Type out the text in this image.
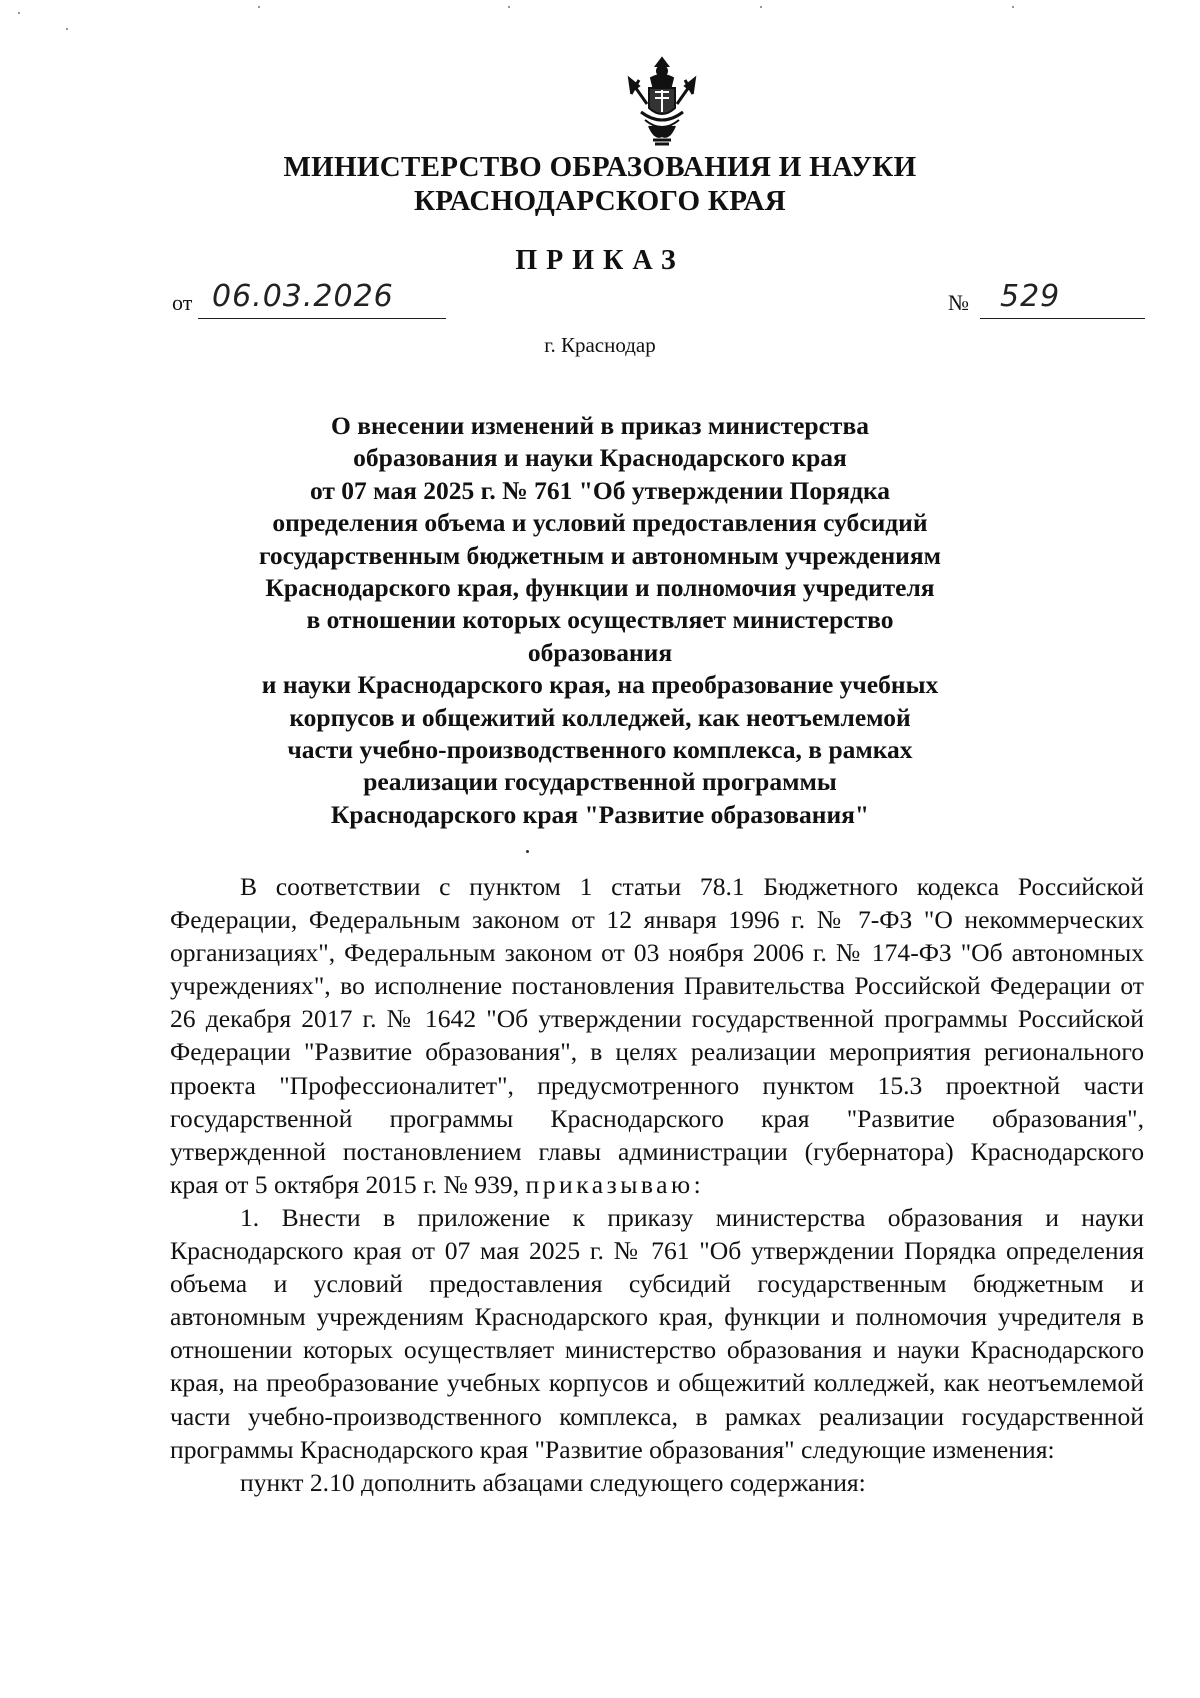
МИНИСТЕРСТВО ОБРАЗОВАНИЯ И НАУКИ
КРАСНОДАРСКОГО КРАЯ
ПРИКАЗ
от 06.03.2026	№ 529
г. Краснодар
О внесении изменений в приказ министерства
образования и науки Краснодарского края
от 07 мая 2025 г. № 761 "Об утверждении Порядка
определения объема и условий предоставления субсидий
государственным бюджетным и автономным учреждениям
Краснодарского края, функции и полномочия учредителя
в отношении которых осуществляет министерство образования
и науки Краснодарского края, на преобразование учебных
корпусов и общежитий колледжей, как неотъемлемой
части учебно-производственного комплекса, в рамках
реализации государственной программы
Краснодарского края "Развитие образования"

В соответствии с пунктом 1 статьи 78.1 Бюджетного кодекса Российской Федерации, Федеральным законом от 12 января 1996 г. № 7-ФЗ "О некоммерческих организациях", Федеральным законом от 03 ноября 2006 г. № 174-ФЗ "Об автономных учреждениях", во исполнение постановления Правительства Российской Федерации от 26 декабря 2017 г. № 1642 "Об утверждении государственной программы Российской Федерации "Развитие образования", в целях реализации мероприятия регионального проекта "Профессионалитет", предусмотренного пунктом 15.3 проектной части государственной программы Краснодарского края "Развитие образования", утвержденной постановлением главы администрации (губернатора) Краснодарского края от 5 октября 2015 г. № 939, приказываю:

1. Внести в приложение к приказу министерства образования и науки Краснодарского края от 07 мая 2025 г. № 761 "Об утверждении Порядка определения объема и условий предоставления субсидий государственным бюджетным и автономным учреждениям Краснодарского края, функции и полномочия учредителя в отношении которых осуществляет министерство образования и науки Краснодарского края, на преобразование учебных корпусов и общежитий колледжей, как неотъемлемой части учебно-производственного комплекса, в рамках реализации государственной программы Краснодарского края "Развитие образования" следующие изменения:

пункт 2.10 дополнить абзацами следующего содержания:
